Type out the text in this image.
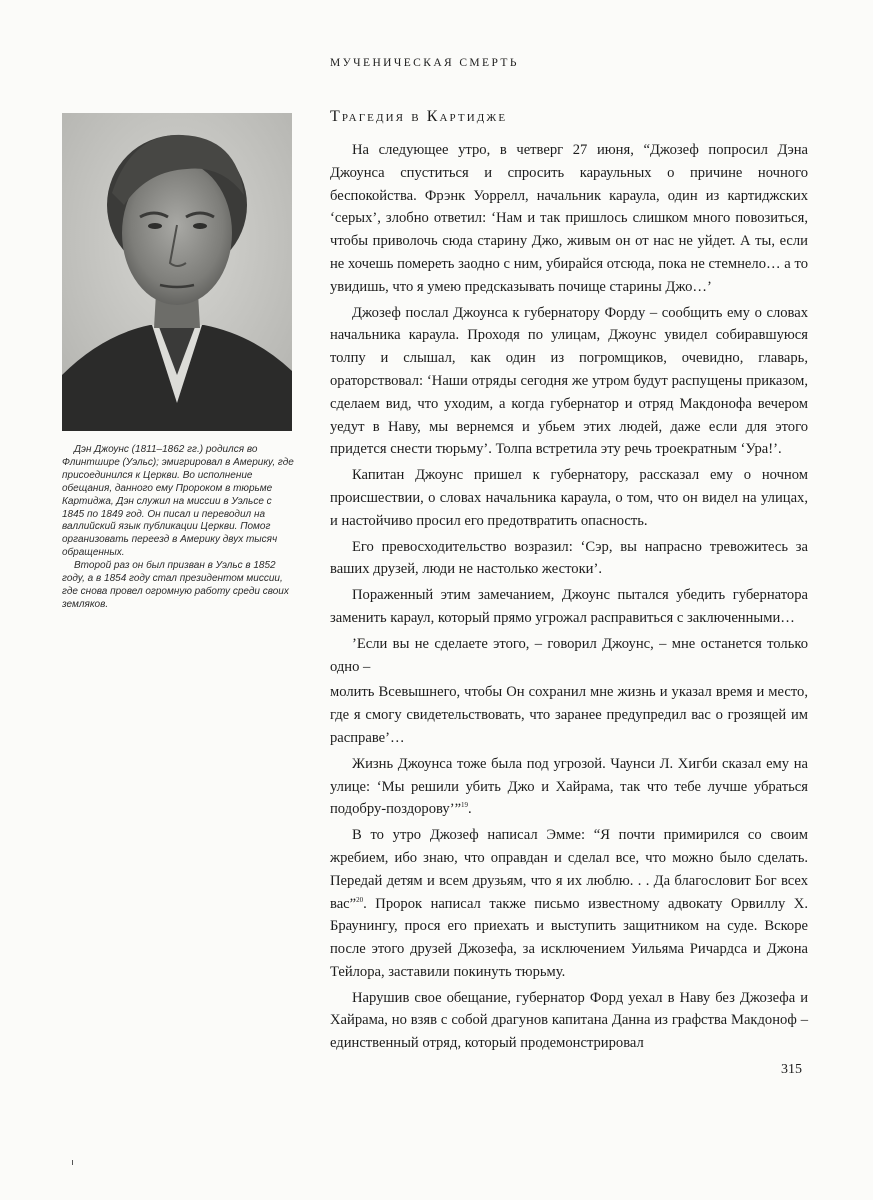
МУЧЕНИЧЕСКАЯ СМЕРТЬ

Дэн Джоунс (1811–1862 гг.) родился во Флинтшире (Уэльс); эмигрировал в Америку, где присоединился к Церкви. Во исполнение обещания, данного ему Пророком в тюрьме Картиджа, Дэн служил на миссии в Уэльсе с 1845 по 1849 год. Он писал и переводил на валлийский язык публикации Церкви. Помог организовать переезд в Америку двух тысяч обращенных.

Второй раз он был призван в Уэльс в 1852 году, а в 1854 году стал президентом миссии, где снова провел огромную работу среди своих земляков.

Трагедия в Картидже

На следующее утро, в четверг 27 июня, “Джозеф попросил Дэна Джоунса спуститься и спросить караульных о причине ночного беспокойства. Фрэнк Уоррелл, начальник караула, один из картиджских ‘серых’, злобно ответил: ‘Нам и так пришлось слишком много повозиться, чтобы приволочь сюда старину Джо, живым он от нас не уйдет. А ты, если не хочешь помереть заодно с ним, убирайся отсюда, пока не стемнело… а то увидишь, что я умею предсказывать почище старины Джо…’

Джозеф послал Джоунса к губернатору Форду – сообщить ему о словах начальника караула. Проходя по улицам, Джоунс увидел собиравшуюся толпу и слышал, как один из погромщиков, очевидно, главарь, ораторствовал: ‘Наши отряды сегодня же утром будут распущены приказом, сделаем вид, что уходим, а когда губернатор и отряд Макдонофа вечером уедут в Наву, мы вернемся и убьем этих людей, даже если для этого придется снести тюрьму’. Толпа встретила эту речь троекратным ‘Ура!’.

Капитан Джоунс пришел к губернатору, рассказал ему о ночном происшествии, о словах начальника караула, о том, что он видел на улицах, и настойчиво просил его предотвратить опасность.

Его превосходительство возразил: ‘Сэр, вы напрасно тревожитесь за ваших друзей, люди не настолько жестоки’.

Пораженный этим замечанием, Джоунс пытался убедить губернатора заменить караул, который прямо угрожал расправиться с заключенными…

’Если вы не сделаете этого, – говорил Джоунс, – мне останется только одно –

молить Всевышнего, чтобы Он сохранил мне жизнь и указал время и место, где я смогу свидетельствовать, что заранее предупредил вас о грозящей им расправе’…

Жизнь Джоунса тоже была под угрозой. Чаунси Л. Хигби сказал ему на улице: ‘Мы решили убить Джо и Хайрама, так что тебе лучше убраться подобру-поздорову’”$^{19}$.

В то утро Джозеф написал Эмме: “Я почти примирился со своим жребием, ибо знаю, что оправдан и сделал все, что можно было сделать. Передай детям и всем друзьям, что я их люблю. . . Да благословит Бог всех вас”$^{20}$. Пророк написал также письмо известному адвокату Орвиллу Х. Браунингу, прося его приехать и выступить защитником на суде. Вскоре после этого друзей Джозефа, за исключением Уильяма Ричардса и Джона Тейлора, заставили покинуть тюрьму.

Нарушив свое обещание, губернатор Форд уехал в Наву без Джозефа и Хайрама, но взяв с собой драгунов капитана Данна из графства Макдоноф – единственный отряд, который продемонстрировал

315
